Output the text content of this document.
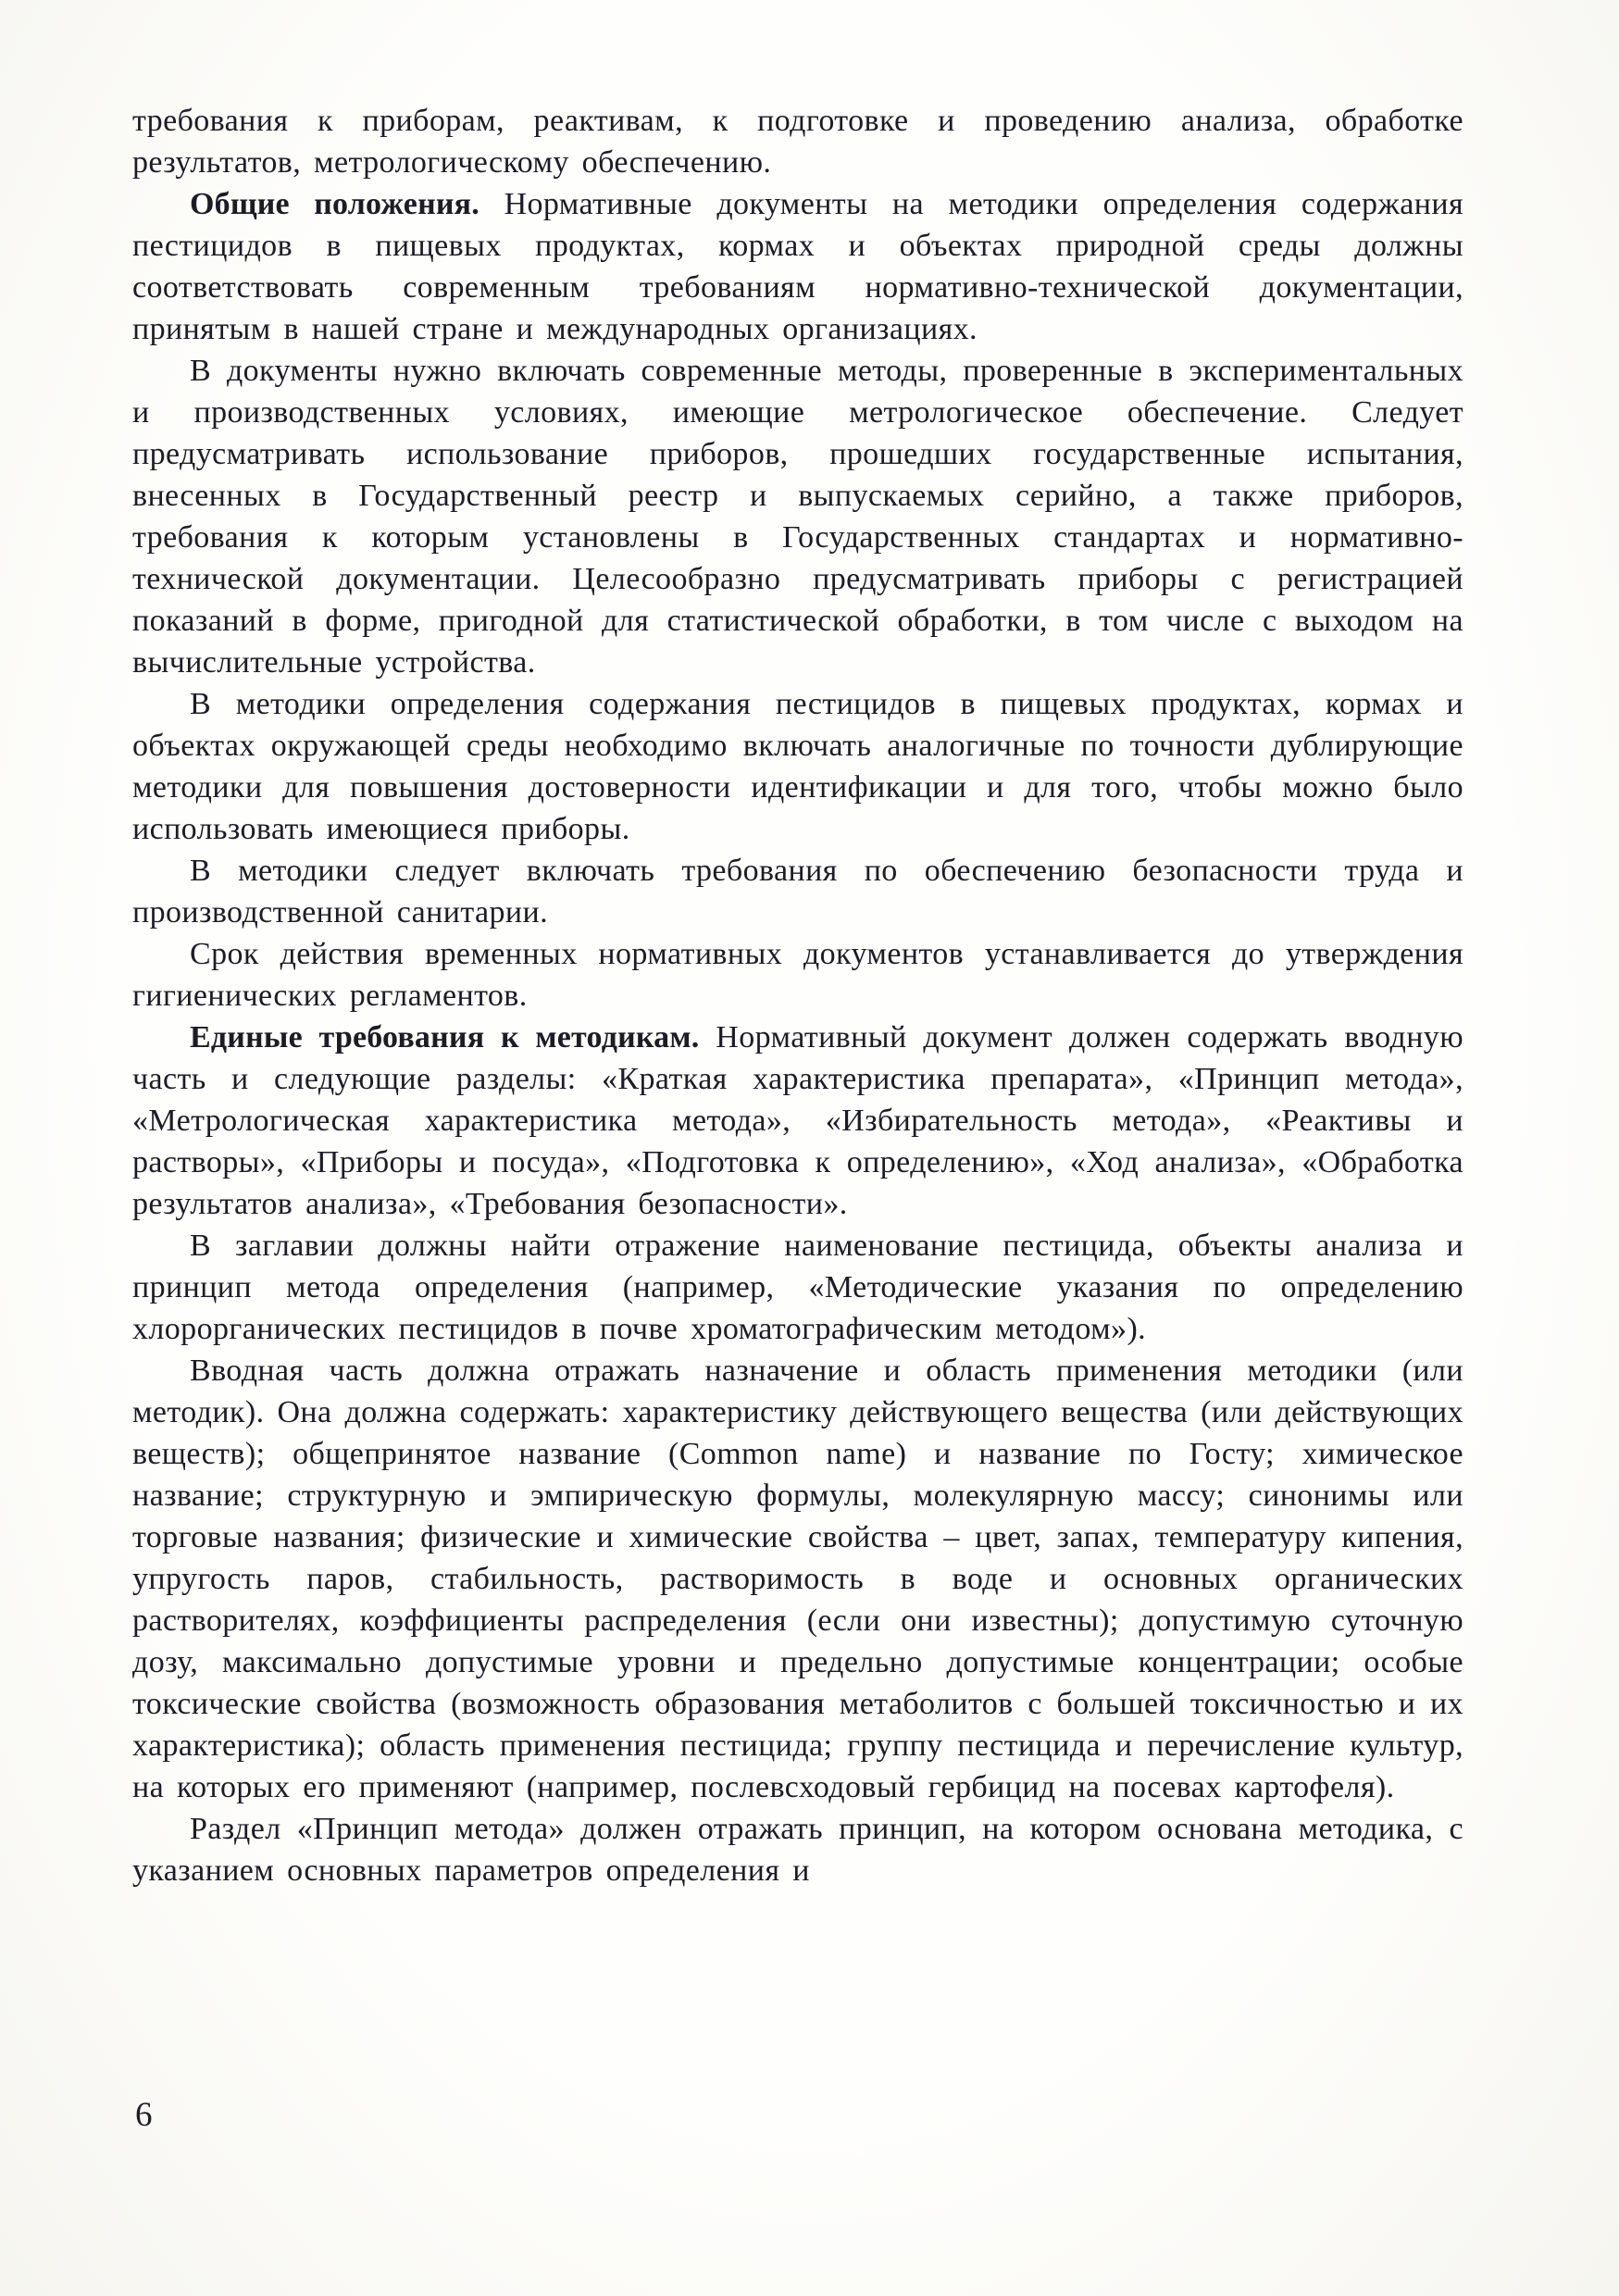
требования к приборам, реактивам, к подготовке и проведению анализа, обработке результатов, метрологическому обеспечению.

Общие положения. Нормативные документы на методики определения содержания пестицидов в пищевых продуктах, кормах и объектах природной среды должны соответствовать современным требованиям нормативно-технической документации, принятым в нашей стране и международных организациях.

В документы нужно включать современные методы, проверенные в экспериментальных и производственных условиях, имеющие метрологическое обеспечение. Следует предусматривать использование приборов, прошедших государственные испытания, внесенных в Государственный реестр и выпускаемых серийно, а также приборов, требования к которым установлены в Государственных стандартах и нормативно-технической документации. Целесообразно предусматривать приборы с регистрацией показаний в форме, пригодной для статистической обработки, в том числе с выходом на вычислительные устройства.

В методики определения содержания пестицидов в пищевых продуктах, кормах и объектах окружающей среды необходимо включать аналогичные по точности дублирующие методики для повышения достоверности идентификации и для того, чтобы можно было использовать имеющиеся приборы.

В методики следует включать требования по обеспечению безопасности труда и производственной санитарии.

Срок действия временных нормативных документов устанавливается до утверждения гигиенических регламентов.

Единые требования к методикам. Нормативный документ должен содержать вводную часть и следующие разделы: «Краткая характеристика препарата», «Принцип метода», «Метрологическая характеристика метода», «Избирательность метода», «Реактивы и растворы», «Приборы и посуда», «Подготовка к определению», «Ход анализа», «Обработка результатов анализа», «Требования безопасности».

В заглавии должны найти отражение наименование пестицида, объекты анализа и принцип метода определения (например, «Методические указания по определению хлорорганических пестицидов в почве хроматографическим методом»).

Вводная часть должна отражать назначение и область применения методики (или методик). Она должна содержать: характеристику действующего вещества (или действующих веществ); общепринятое название (Common name) и название по Госту; химическое название; структурную и эмпирическую формулы, молекулярную массу; синонимы или торговые названия; физические и химические свойства – цвет, запах, температуру кипения, упругость паров, стабильность, растворимость в воде и основных органических растворителях, коэффициенты распределения (если они известны); допустимую суточную дозу, максимально допустимые уровни и предельно допустимые концентрации; особые токсические свойства (возможность образования метаболитов с большей токсичностью и их характеристика); область применения пестицида; группу пестицида и перечисление культур, на которых его применяют (например, послевсходовый гербицид на посевах картофеля).

Раздел «Принцип метода» должен отражать принцип, на котором основана методика, с указанием основных параметров определения и

6
